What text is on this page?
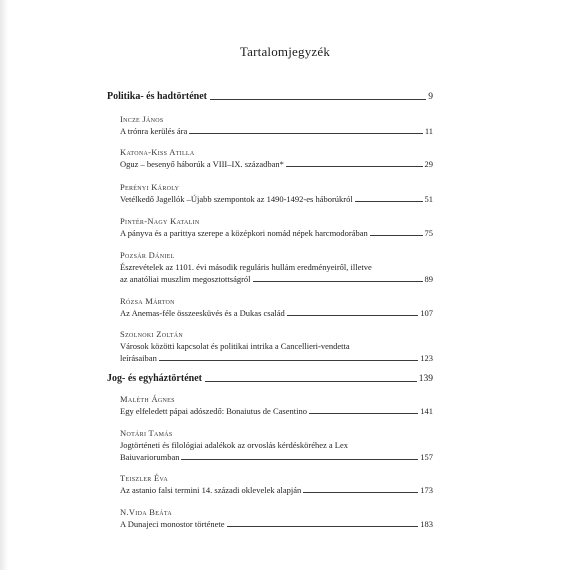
Tartalomjegyzék
Politika- és hadtörténet	9
Incze János
A trónra kerülés ára	11
Katona-Kiss Atilla
Oguz – besenyő háborúk a VIII–IX. században*	29
Perényi Károly
Vetélkedő Jagellók –Újabb szempontok az 1490-1492-es háborúkról	51
Pintér-Nagy Katalin
A pányva és a parittya szerepe a középkori nomád népek harcmodorában	75
Pozsár Dániel
Észrevételek az 1101. évi második reguláris hullám eredményeiről, illetve
az anatóliai muszlim megosztottságról	89
Rózsa Márton
Az Anemas-féle összeesküvés és a Dukas család	107
Szolnoki Zoltán
Városok közötti kapcsolat és politikai intrika a Cancellieri-vendetta
leírásaiban	123
Jog- és egyháztörténet	139
Maléth Ágnes
Egy elfeledett pápai adószedő: Bonaiutus de Casentino	141
Notári Tamás
Jogtörténeti és filológiai adalékok az orvoslás kérdésköréhez a Lex
Baiuvariorumban	157
Teiszler Éva
Az astanio falsi termini 14. századi oklevelek alapján	173
N.Vida Beáta
A Dunajeci monostor története	183
